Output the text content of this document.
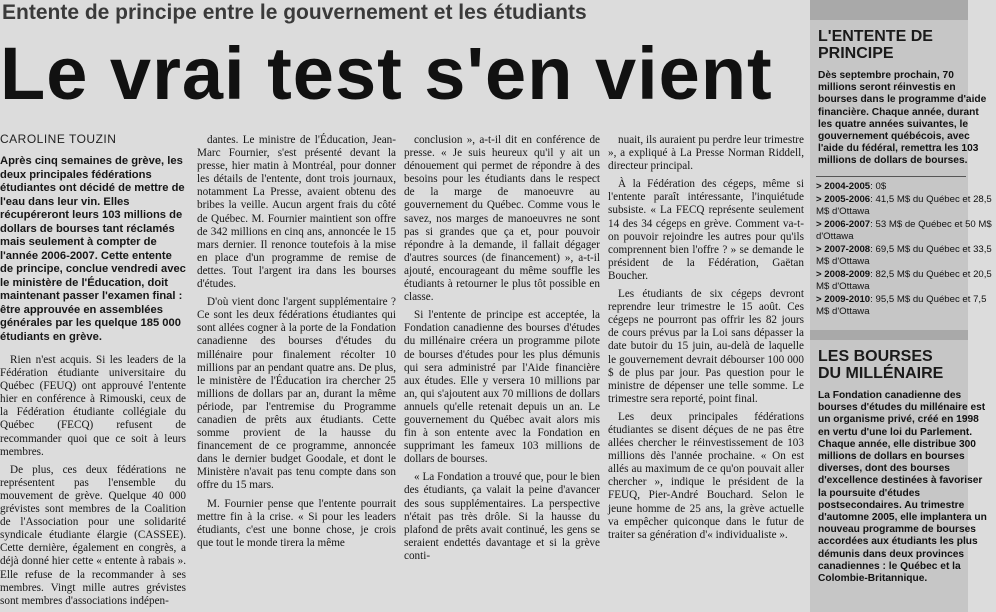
Entente de principe entre le gouvernement et les étudiants
Le vrai test s'en vient
CAROLINE TOUZIN

Après cinq semaines de grève, les deux principales fédérations étudiantes ont décidé de mettre de l'eau dans leur vin. Elles récupéreront leurs 103 millions de dollars de bourses tant réclamés mais seulement à compter de l'année 2006-2007. Cette entente de principe, conclue vendredi avec le ministère de l'Éducation, doit maintenant passer l'examen final : être approuvée en assemblées générales par les quelque 185 000 étudiants en grève.

Rien n'est acquis. Si les leaders de la Fédération étudiante universitaire du Québec (FEUQ) ont approuvé l'entente hier en conférence à Rimouski, ceux de la Fédération étudiante collégiale du Québec (FECQ) refusent de recommander quoi que ce soit à leurs membres.

De plus, ces deux fédérations ne représentent pas l'ensemble du mouvement de grève. Quelque 40 000 grévistes sont membres de la Coalition de l'Association pour une solidarité syndicale étudiante élargie (CASSEE). Cette dernière, également en congrès, a déjà donné hier cette « entente à rabais ». Elle refuse de la recommander à ses membres. Vingt mille autres grévistes sont membres d'associations indépen-

dantes. Le ministre de l'Éducation, Jean-Marc Fournier, s'est présenté devant la presse, hier matin à Montréal, pour donner les détails de l'entente, dont trois journaux, notamment La Presse, avaient obtenu des bribes la veille. Aucun argent frais du côté de Québec. M. Fournier maintient son offre de 342 millions en cinq ans, annoncée le 15 mars dernier. Il renonce toutefois à la mise en place d'un programme de remise de dettes. Tout l'argent ira dans les bourses d'études.

D'où vient donc l'argent supplémentaire ? Ce sont les deux fédérations étudiantes qui sont allées cogner à la porte de la Fondation canadienne des bourses d'études du millénaire pour finalement récolter 10 millions par an pendant quatre ans. De plus, le ministère de l'Éducation ira chercher 25 millions de dollars par an, durant la même période, par l'entremise du Programme canadien de prêts aux étudiants. Cette somme provient de la hausse du financement de ce programme, annoncée dans le dernier budget Goodale, et dont le Ministère n'avait pas tenu compte dans son offre du 15 mars.

M. Fournier pense que l'entente pourrait mettre fin à la crise. « Si pour les leaders étudiants, c'est une bonne chose, je crois que tout le monde tirera la même

conclusion », a-t-il dit en conférence de presse. « Je suis heureux qu'il y ait un dénouement qui permet de répondre à des besoins pour les étudiants dans le respect de la marge de manoeuvre au gouvernement du Québec. Comme vous le savez, nos marges de manoeuvres ne sont pas si grandes que ça et, pour pouvoir répondre à la demande, il fallait dégager d'autres sources (de financement) », a-t-il ajouté, encourageant du même souffle les étudiants à retourner le plus tôt possible en classe.

Si l'entente de principe est acceptée, la Fondation canadienne des bourses d'études du millénaire créera un programme pilote de bourses d'études pour les plus démunis qui sera administré par l'Aide financière aux études. Elle y versera 10 millions par an, qui s'ajoutent aux 70 millions de dollars annuels qu'elle retenait depuis un an. Le gouvernement du Québec avait alors mis fin à son entente avec la Fondation en supprimant les fameux 103 millions de dollars de bourses.

« La Fondation a trouvé que, pour le bien des étudiants, ça valait la peine d'avancer des sous supplémentaires. La perspective n'était pas très drôle. Si la hausse du plafond de prêts avait continué, les gens se seraient endettés davantage et si la grève conti-

nuait, ils auraient pu perdre leur trimestre », a expliqué à La Presse Norman Riddell, directeur principal.

À la Fédération des cégeps, même si l'entente paraît intéressante, l'inquiétude subsiste. « La FECQ représente seulement 14 des 34 cégeps en grève. Comment va-t-on pouvoir rejoindre les autres pour qu'ils comprennent bien l'offre ? » se demande le président de la Fédération, Gaëtan Boucher.

Les étudiants de six cégeps devront reprendre leur trimestre le 15 août. Ces cégeps ne pourront pas offrir les 82 jours de cours prévus par la Loi sans dépasser la date butoir du 15 juin, au-delà de laquelle le gouvernement devrait débourser 100 000 $ de plus par jour. Pas question pour le ministre de dépenser une telle somme. Le trimestre sera reporté, point final.

Les deux principales fédérations étudiantes se disent déçues de ne pas être allées chercher le réinvestissement de 103 millions dès l'année prochaine. « On est allés au maximum de ce qu'on pouvait aller chercher », indique le président de la FEUQ, Pier-André Bouchard. Selon le jeune homme de 25 ans, la grève actuelle va empêcher quiconque dans le futur de traiter sa génération d'« individualiste ».

L'ENTENTE DE PRINCIPE
Dès septembre prochain, 70 millions seront réinvestis en bourses dans le programme d'aide financière. Chaque année, durant les quatre années suivantes, le gouvernement québécois, avec l'aide du fédéral, remettra les 103 millions de dollars de bourses.
> 2004-2005: 0$
> 2005-2006: 41,5 M$ du Québec et 28,5 M$ d'Ottawa
> 2006-2007: 53 M$ de Québec et 50 M$ d'Ottawa
> 2007-2008: 69,5 M$ du Québec et 33,5 M$ d'Ottawa
> 2008-2009: 82,5 M$ du Québec et 20,5 M$ d'Ottawa
> 2009-2010: 95,5 M$ du Québec et 7,5 M$ d'Ottawa
LES BOURSES DU MILLÉNAIRE
La Fondation canadienne des bourses d'études du millénaire est un organisme privé, créé en 1998 en vertu d'une loi du Parlement. Chaque année, elle distribue 300 millions de dollars en bourses diverses, dont des bourses d'excellence destinées à favoriser la poursuite d'études postsecondaires. Au trimestre d'automne 2005, elle implantera un nouveau programme de bourses accordées aux étudiants les plus démunis dans deux provinces canadiennes : le Québec et la Colombie-Britannique.
